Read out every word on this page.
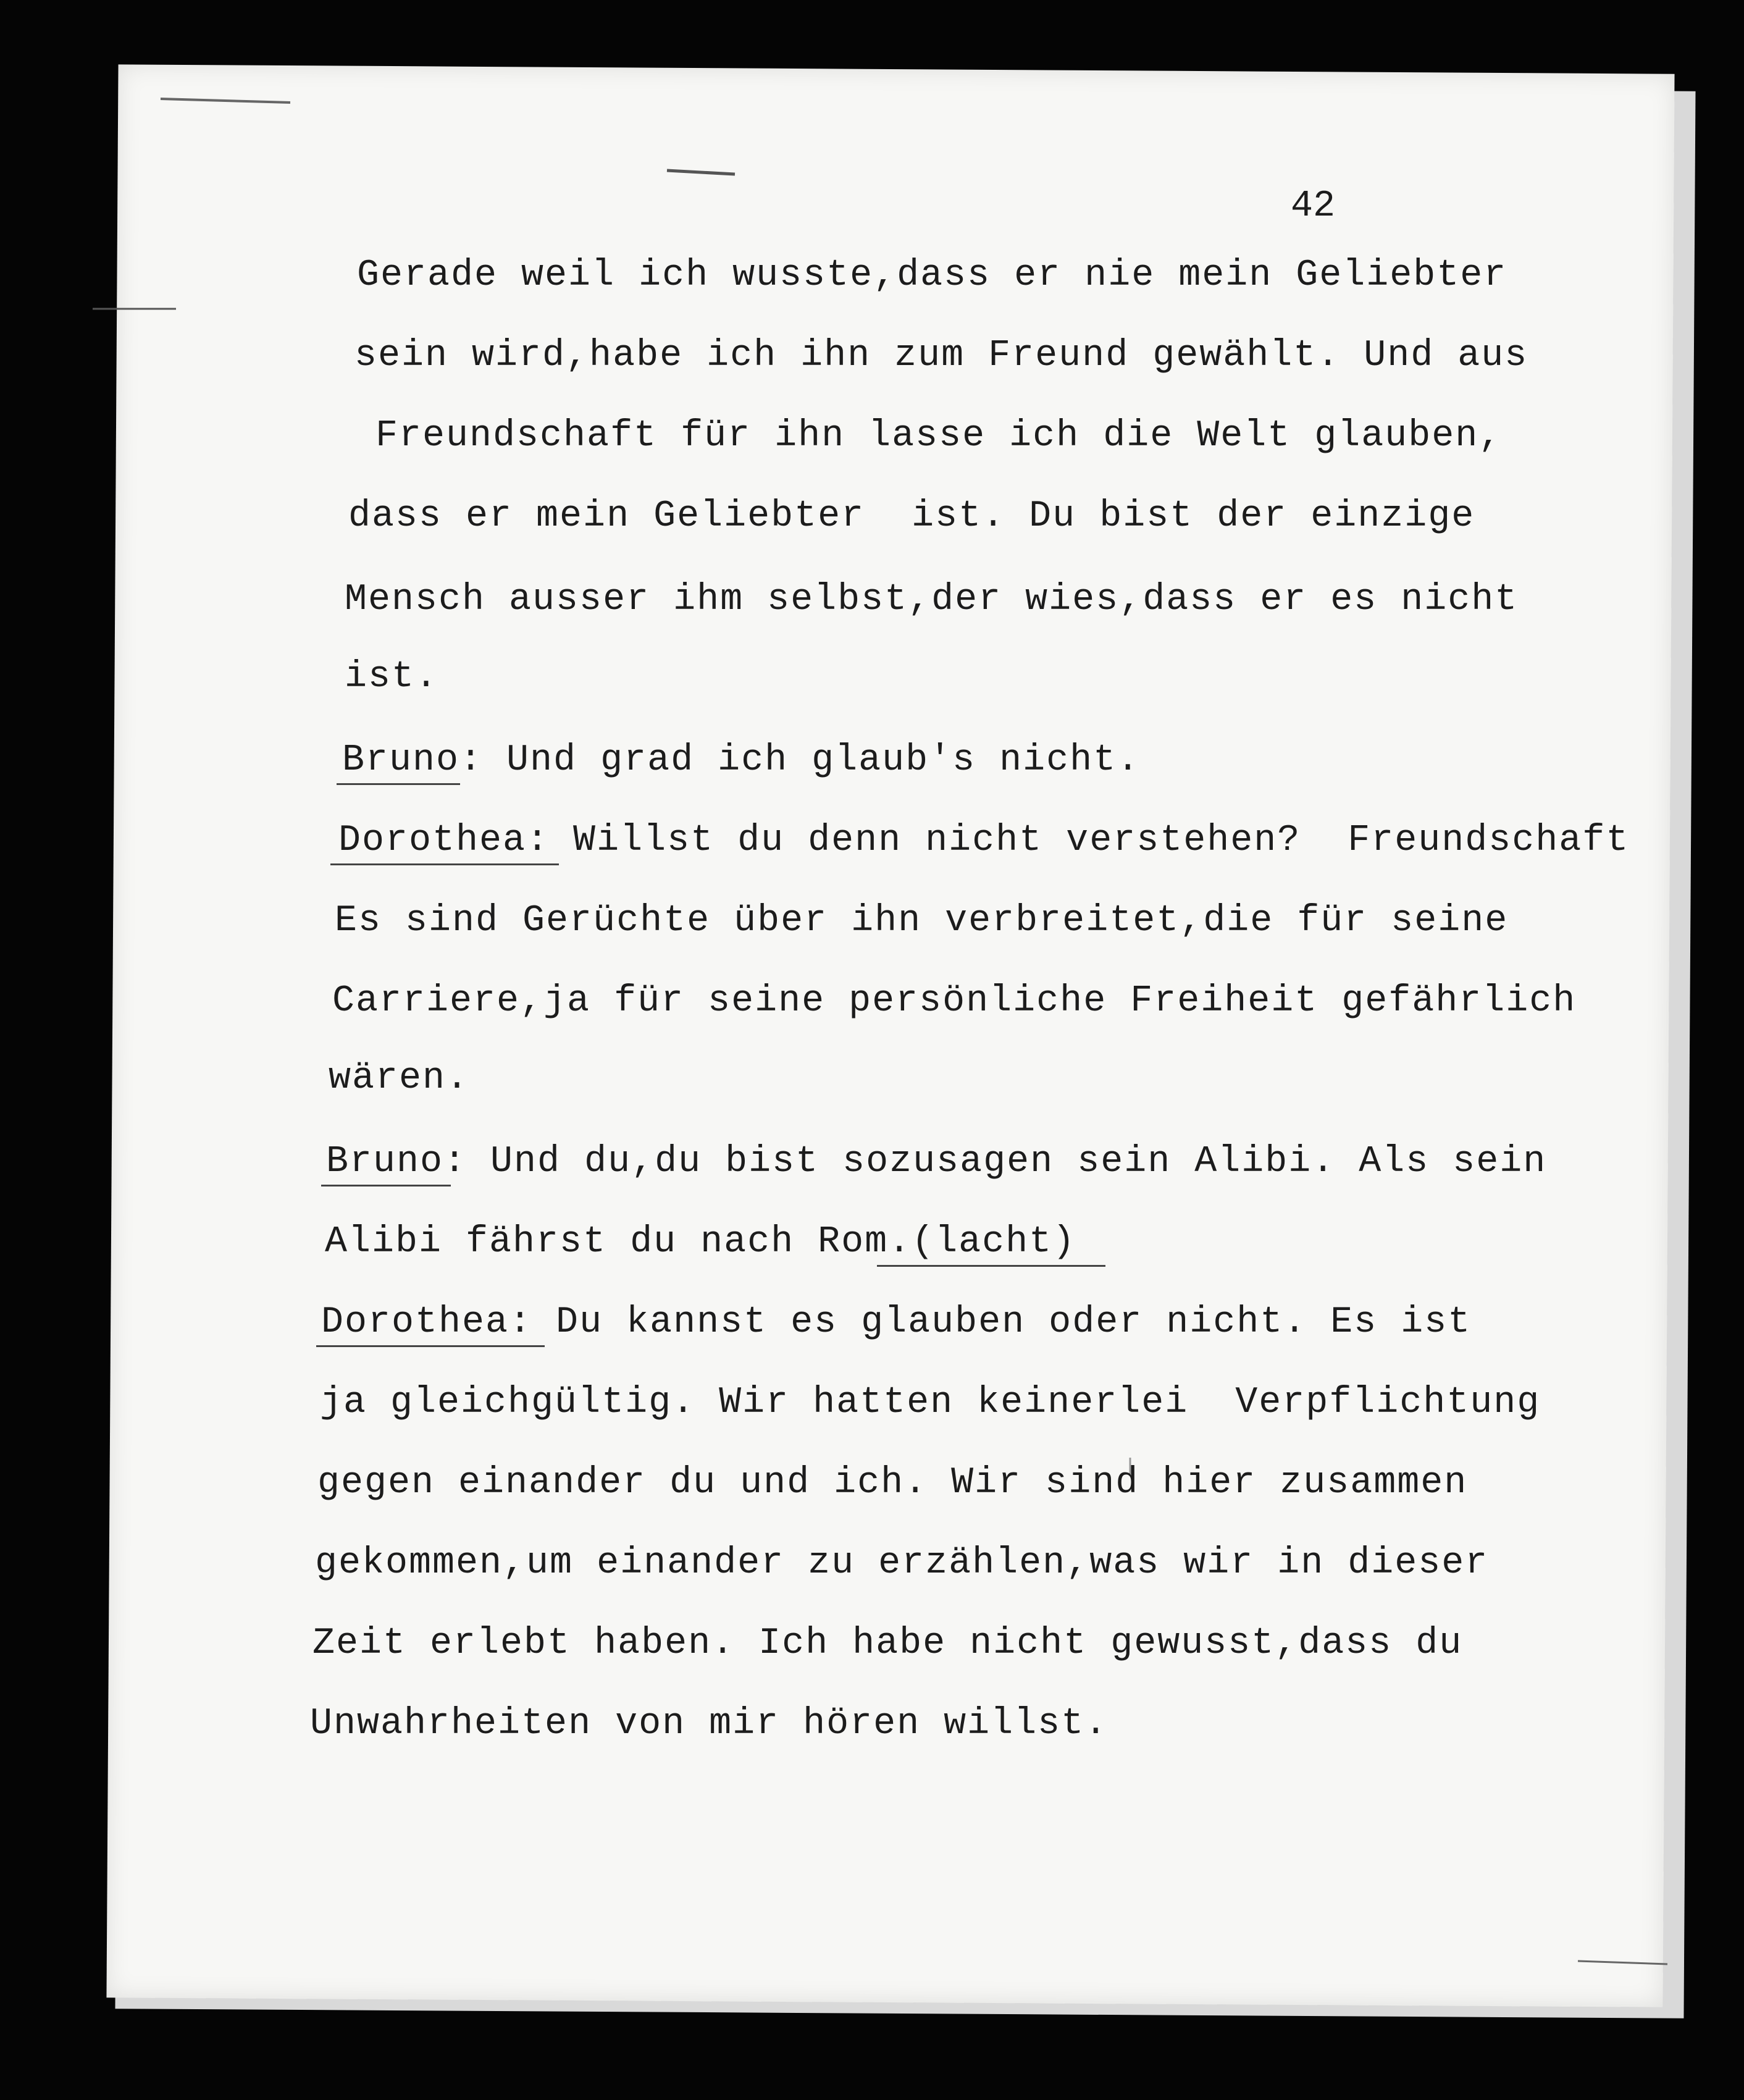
42
Gerade weil ich wusste,dass er nie mein Geliebter
sein wird,habe ich ihn zum Freund gewählt. Und aus
Freundschaft für ihn lasse ich die Welt glauben,
dass er mein Geliebter  ist. Du bist der einzige
Mensch ausser ihm selbst,der wies,dass er es nicht
ist.
Bruno: Und grad ich glaub's nicht.
Dorothea: Willst du denn nicht verstehen?  Freundschaft
Es sind Gerüchte über ihn verbreitet,die für seine
Carriere,ja für seine persönliche Freiheit gefährlich
wären.
Bruno: Und du,du bist sozusagen sein Alibi. Als sein
Alibi fährst du nach Rom.(lacht)
Dorothea: Du kannst es glauben oder nicht. Es ist
ja gleichgültig. Wir hatten keinerlei  Verpflichtung
gegen einander du und ich. Wir sind hier zusammen
gekommen,um einander zu erzählen,was wir in dieser
Zeit erlebt haben. Ich habe nicht gewusst,dass du
Unwahrheiten von mir hören willst.
